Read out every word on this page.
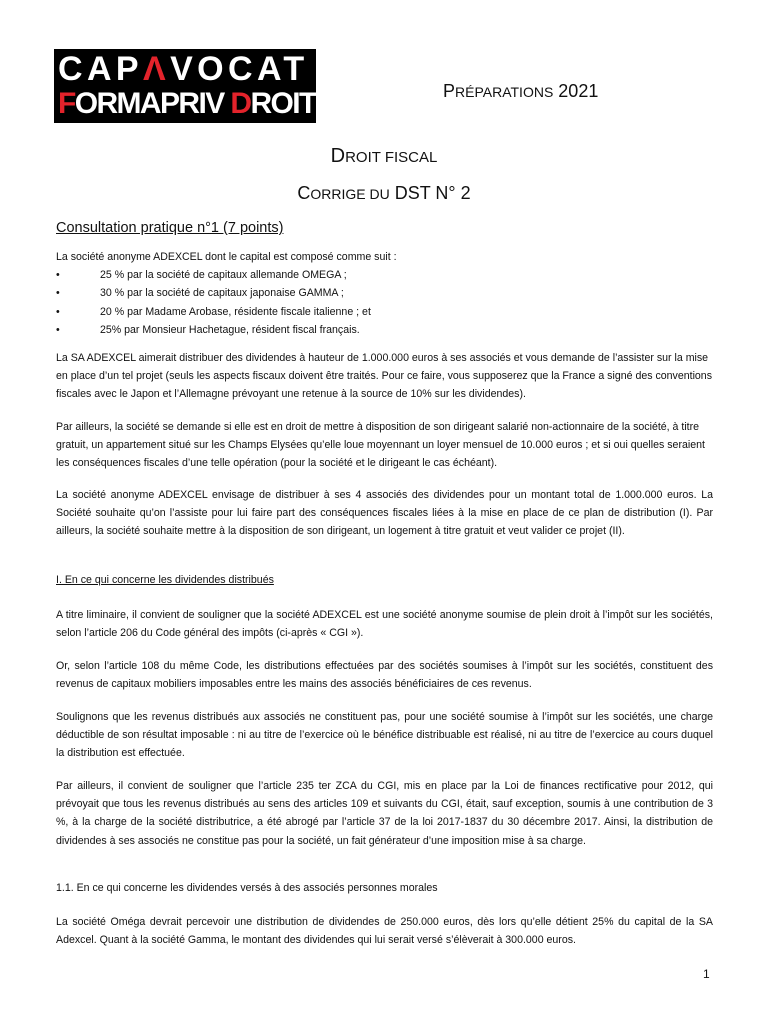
CAPΛVOCAT
FORMAPRIV DROIT	PRÉPARATIONS 2021
DROIT FISCAL
CORRIGE DU DST N° 2
Consultation pratique n°1 (7 points)
La société anonyme ADEXCEL dont le capital est composé comme suit :
•	25 % par la société de capitaux allemande OMEGA ;
•	30 % par la société de capitaux japonaise GAMMA ;
•	20 % par Madame Arobase, résidente fiscale italienne ; et
•	25% par Monsieur Hachetague, résident fiscal français.

La SA ADEXCEL aimerait distribuer des dividendes à hauteur de 1.000.000 euros à ses associés et vous demande de l’assister sur la mise en place d’un tel projet (seuls les aspects fiscaux doivent être traités. Pour ce faire, vous supposerez que la France a signé des conventions fiscales avec le Japon et l’Allemagne prévoyant une retenue à la source de 10% sur les dividendes).

Par ailleurs, la société se demande si elle est en droit de mettre à disposition de son dirigeant salarié non-actionnaire de la société, à titre gratuit, un appartement situé sur les Champs Elysées qu’elle loue moyennant un loyer mensuel de 10.000 euros ; et si oui quelles seraient les conséquences fiscales d’une telle opération (pour la société et le dirigeant le cas échéant).

La société anonyme ADEXCEL envisage de distribuer à ses 4 associés des dividendes pour un montant total de 1.000.000 euros. La Société souhaite qu’on l’assiste pour lui faire part des conséquences fiscales liées à la mise en place de ce plan de distribution (I). Par ailleurs, la société souhaite mettre à la disposition de son dirigeant, un logement à titre gratuit et veut valider ce projet (II).

I. En ce qui concerne les dividendes distribués

A titre liminaire, il convient de souligner que la société ADEXCEL est une société anonyme soumise de plein droit à l’impôt sur les sociétés, selon l’article 206 du Code général des impôts (ci-après « CGI »).

Or, selon l’article 108 du même Code, les distributions effectuées par des sociétés soumises à l’impôt sur les sociétés, constituent des revenus de capitaux mobiliers imposables entre les mains des associés bénéficiaires de ces revenus.

Soulignons que les revenus distribués aux associés ne constituent pas, pour une société soumise à l’impôt sur les sociétés, une charge déductible de son résultat imposable : ni au titre de l’exercice où le bénéfice distribuable est réalisé, ni au titre de l’exercice au cours duquel la distribution est effectuée.

Par ailleurs, il convient de souligner que l’article 235 ter ZCA du CGI, mis en place par la Loi de finances rectificative pour 2012, qui prévoyait que tous les revenus distribués au sens des articles 109 et suivants du CGI, était, sauf exception, soumis à une contribution de 3 %, à la charge de la société distributrice, a été abrogé par l’article 37 de la loi 2017-1837 du 30 décembre 2017. Ainsi, la distribution de dividendes à ses associés ne constitue pas pour la société, un fait générateur d’une imposition mise à sa charge.

1.1. En ce qui concerne les dividendes versés à des associés personnes morales

La société Oméga devrait percevoir une distribution de dividendes de 250.000 euros, dès lors qu’elle détient 25% du capital de la SA Adexcel. Quant à la société Gamma, le montant des dividendes qui lui serait versé s’élèverait à 300.000 euros.

1
